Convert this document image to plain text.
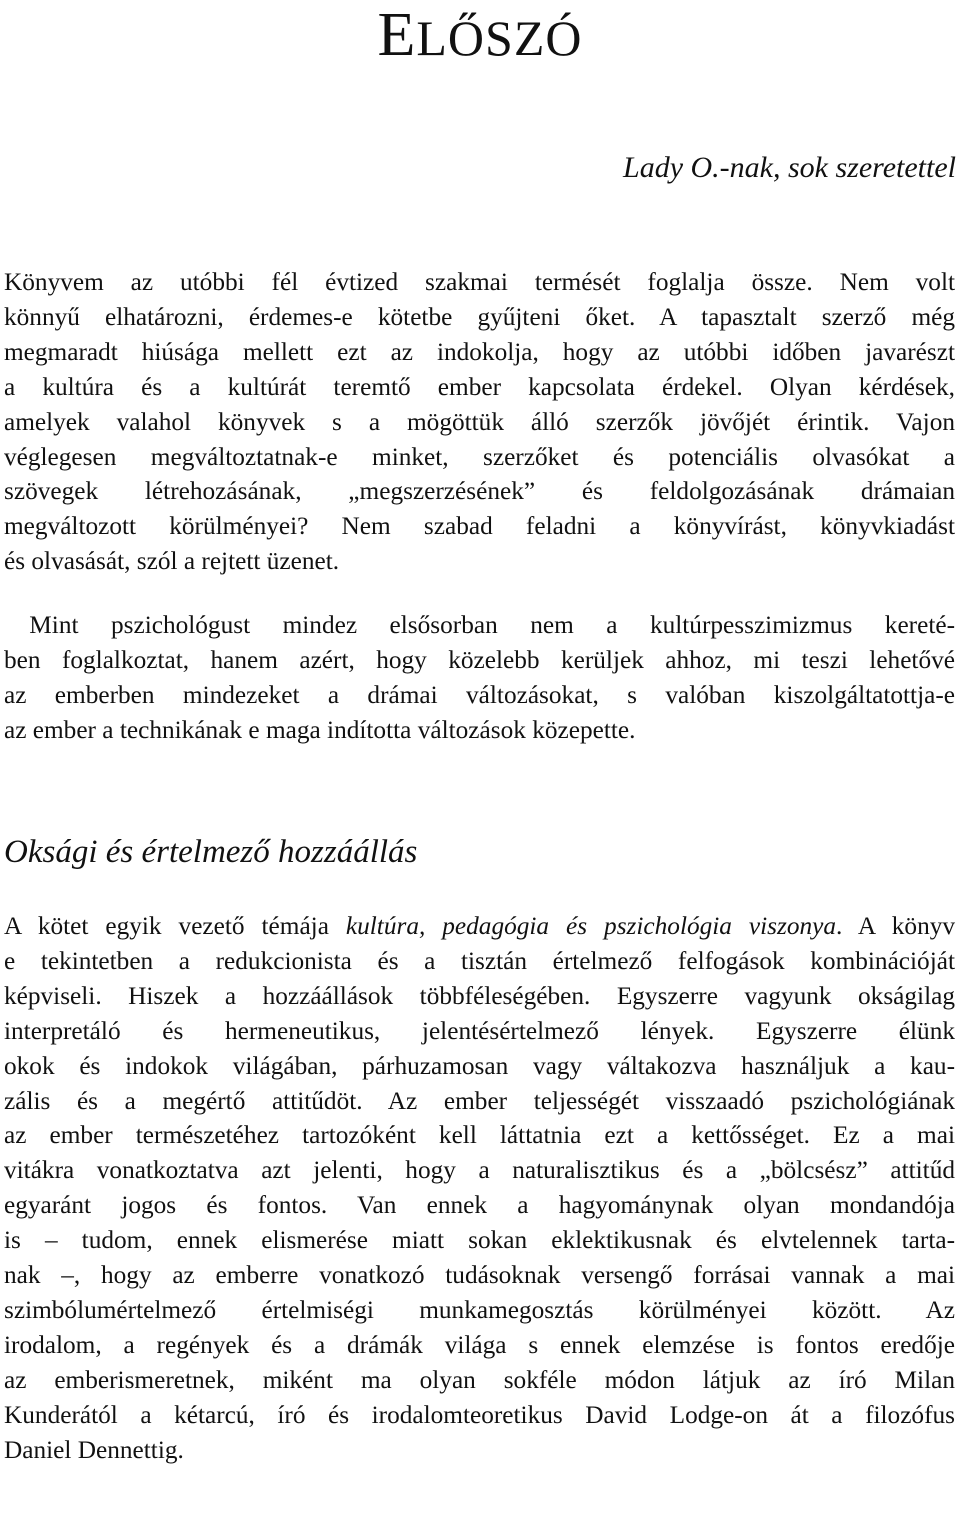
ELŐSZÓ

Lady O.-nak, sok szeretettel

Könyvem az utóbbi fél évtized szakmai termését foglalja össze. Nem volt
könnyű elhatározni, érdemes-e kötetbe gyűjteni őket. A tapasztalt szerző még
megmaradt hiúsága mellett ezt az indokolja, hogy az utóbbi időben javarészt
a kultúra és a kultúrát teremtő ember kapcsolata érdekel. Olyan kérdések,
amelyek valahol könyvek s a mögöttük álló szerzők jövőjét érintik. Vajon
véglegesen megváltoztatnak-e minket, szerzőket és potenciális olvasókat a
szövegek létrehozásának, „megszerzésének” és feldolgozásának drámaian
megváltozott körülményei? Nem szabad feladni a könyvírást, könyvkiadást
és olvasását, szól a rejtett üzenet.

 Mint pszichológust mindez elsősorban nem a kultúrpesszimizmus kereté-
ben foglalkoztat, hanem azért, hogy közelebb kerüljek ahhoz, mi teszi lehetővé
az emberben mindezeket a drámai változásokat, s valóban kiszolgáltatottja-e
az ember a technikának e maga indította változások közepette.

Oksági és értelmező hozzáállás

A kötet egyik vezető témája kultúra, pedagógia és pszichológia viszonya. A könyv
e tekintetben a redukcionista és a tisztán értelmező felfogások kombinációját
képviseli. Hiszek a hozzáállások többféleségében. Egyszerre vagyunk okságilag
interpretáló és hermeneutikus, jelentésértelmező lények. Egyszerre élünk
okok és indokok világában, párhuzamosan vagy váltakozva használjuk a kau-
zális és a megértő attitűdöt. Az ember teljességét visszaadó pszichológiának
az ember természetéhez tartozóként kell láttatnia ezt a kettősséget. Ez a mai
vitákra vonatkoztatva azt jelenti, hogy a naturalisztikus és a „bölcsész” attitűd
egyaránt jogos és fontos. Van ennek a hagyománynak olyan mondandója
is – tudom, ennek elismerése miatt sokan eklektikusnak és elvtelennek tarta-
nak –, hogy az emberre vonatkozó tudásoknak versengő forrásai vannak a mai
szimbólumértelmező értelmiségi munkamegosztás körülményei között. Az
irodalom, a regények és a drámák világa s ennek elemzése is fontos eredője
az emberismeretnek, miként ma olyan sokféle módon látjuk az író Milan
Kunderától a kétarcú, író és irodalomteoretikus David Lodge-on át a filozófus
Daniel Dennettig.
